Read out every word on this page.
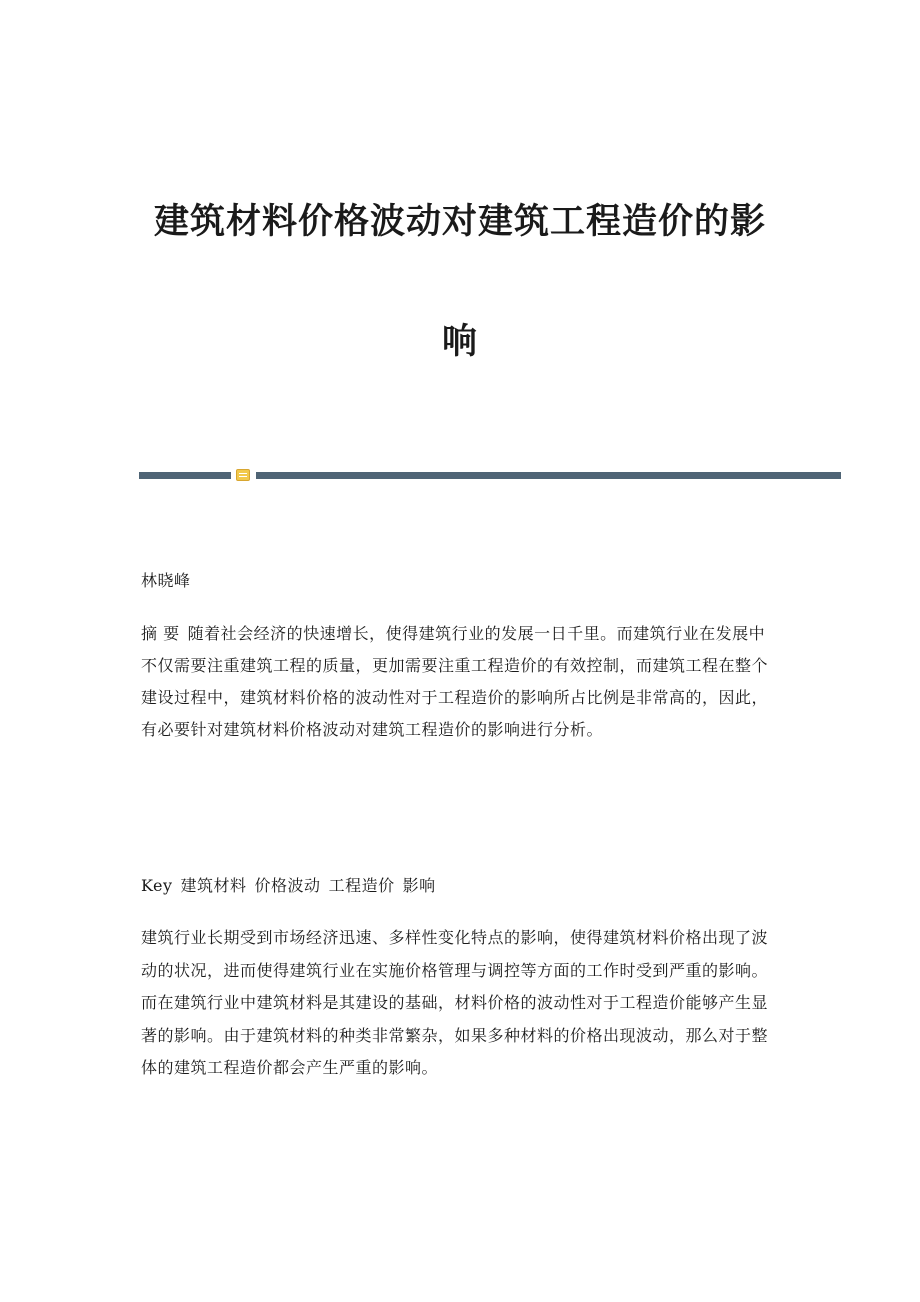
建筑材料价格波动对建筑工程造价的影
响

林晓峰

摘 要 随着社会经济的快速增长，使得建筑行业的发展一日千里。而建筑行业在发展中不仅需要注重建筑工程的质量，更加需要注重工程造价的有效控制，而建筑工程在整个建设过程中，建筑材料价格的波动性对于工程造价的影响所占比例是非常高的，因此，有必要针对建筑材料价格波动对建筑工程造价的影响进行分析。

Key 建筑材料 价格波动 工程造价 影响

建筑行业长期受到市场经济迅速、多样性变化特点的影响，使得建筑材料价格出现了波动的状况，进而使得建筑行业在实施价格管理与调控等方面的工作时受到严重的影响。而在建筑行业中建筑材料是其建设的基础，材料价格的波动性对于工程造价能够产生显著的影响。由于建筑材料的种类非常繁杂，如果多种材料的价格出现波动，那么对于整体的建筑工程造价都会产生严重的影响。
